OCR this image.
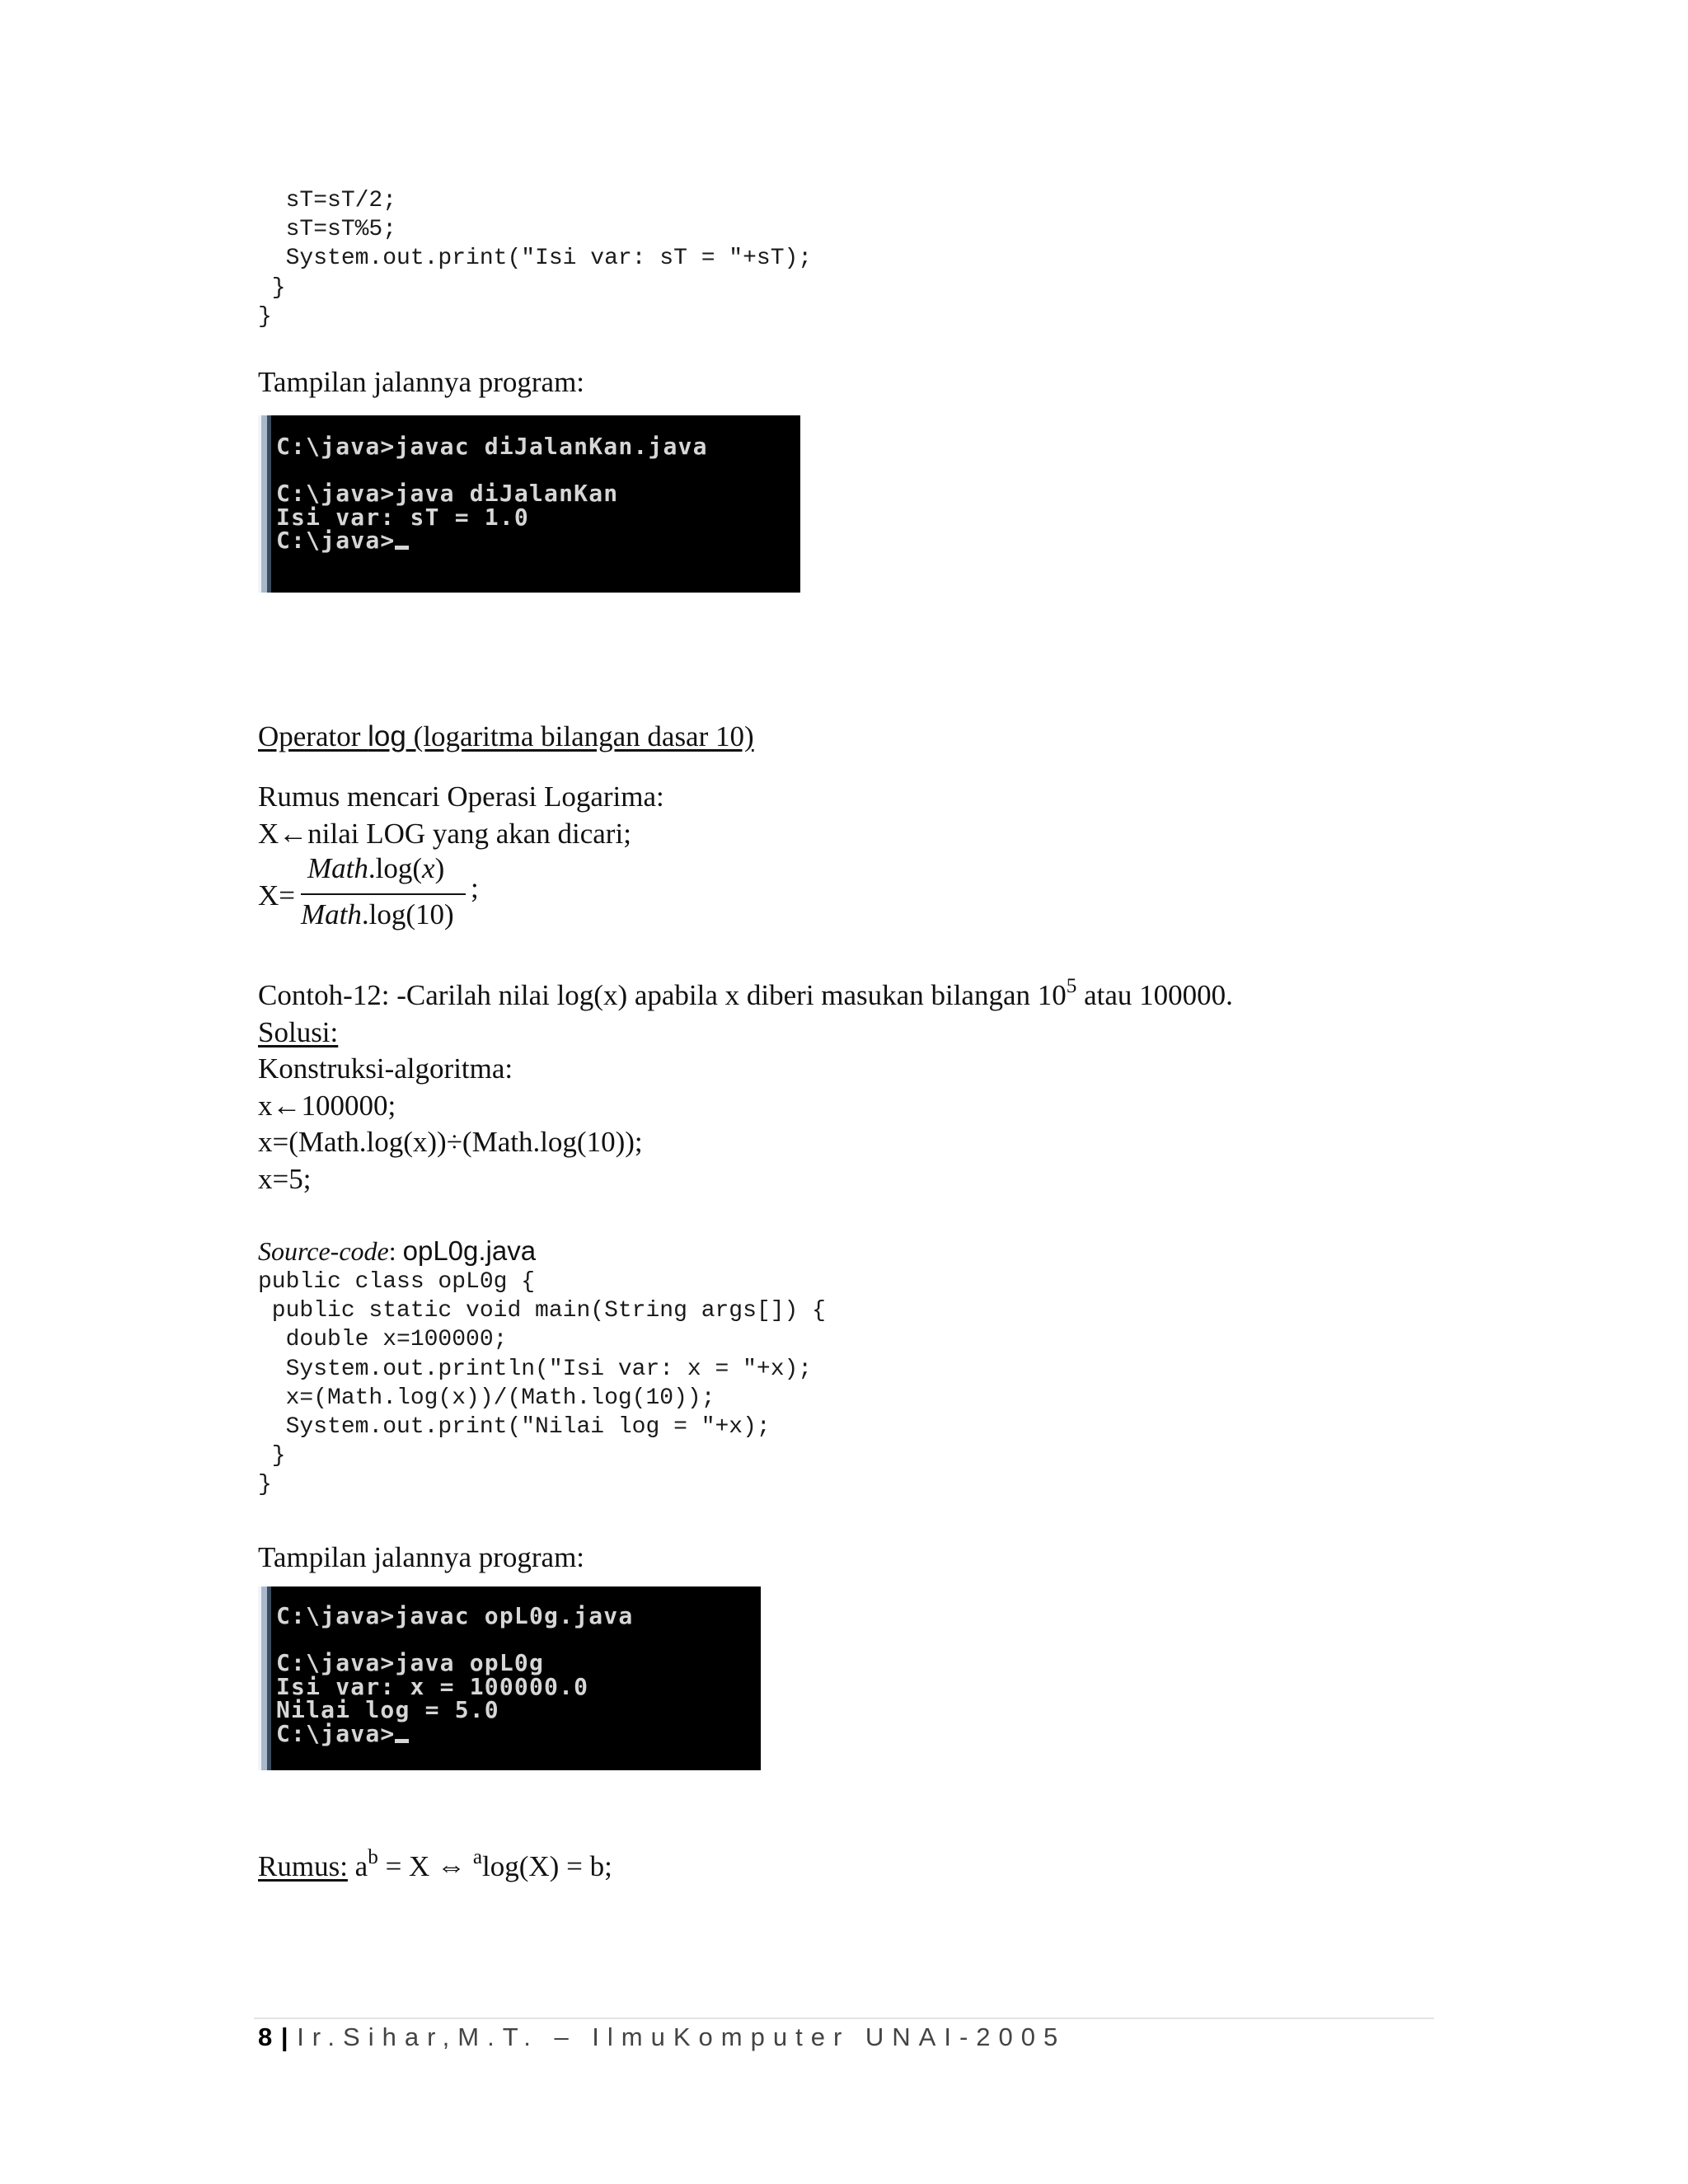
sT=sT/2;
sT=sT%5;
System.out.print("Isi var: sT = "+sT);
}
}
Tampilan jalannya program:
C:\java>javac diJalanKan.java

C:\java>java diJalanKan
Isi var: sT = 1.0
C:\java>
Operator log (logaritma bilangan dasar 10)
Rumus mencari Operasi Logarima:
X←nilai LOG yang akan dicari;
X=
Math.log(x)
Math.log(10)
;
Contoh-12: -Carilah nilai log(x) apabila x diberi masukan bilangan $10^5$ atau 100000.
Solusi:
Konstruksi-algoritma:
x←100000;
x=(Math.log(x))÷(Math.log(10));
x=5;
Source-code: opL0g.java
public class opL0g {
public static void main(String args[]) {
double x=100000;
System.out.println("Isi var: x = "+x);
x=(Math.log(x))/(Math.log(10));
System.out.print("Nilai log = "+x);
}
}
Tampilan jalannya program:
C:\java>javac opL0g.java

C:\java>java opL0g
Isi var: x = 100000.0
Nilai log = 5.0
C:\java>
Rumus: $a^b = X$ ⇔ $^a$log(X) = b;
8 | Ir.Sihar,M.T. – IlmuKomputer UNAI-2005
